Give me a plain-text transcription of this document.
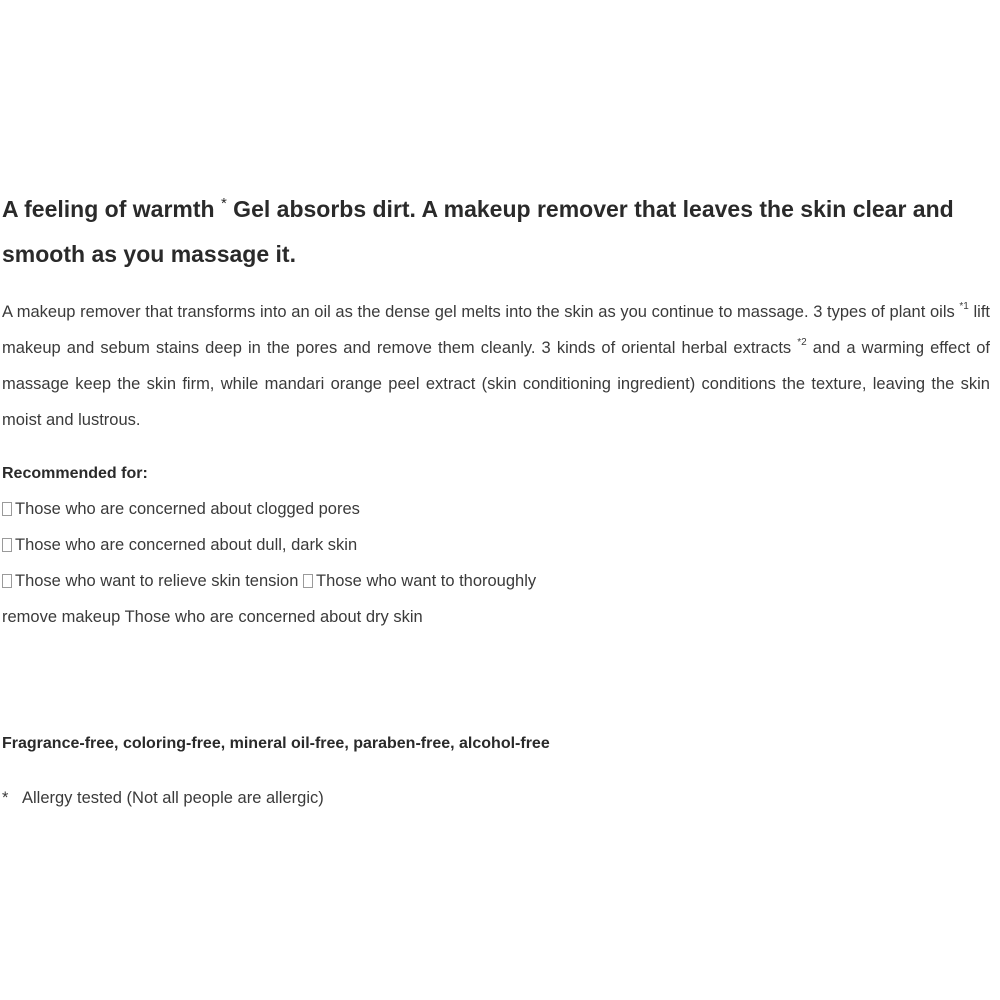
A feeling of warmth * Gel absorbs dirt. A makeup remover that leaves the skin clear and smooth as you massage it.

A makeup remover that transforms into an oil as the dense gel melts into the skin as you continue to massage. 3 types of plant oils $^{*1}$ lift makeup and sebum stains deep in the pores and remove them cleanly. 3 kinds of oriental herbal extracts $^{*2}$ and a warming effect of massage keep the skin firm, while mandari orange peel extract (skin conditioning ingredient) conditions the texture, leaving the skin moist and lustrous.

Recommended for:
Those who are concerned about clogged pores
Those who are concerned about dull, dark skin
Those who want to relieve skin tension Those who want to thoroughly
remove makeup Those who are concerned about dry skin

Fragrance-free, coloring-free, mineral oil-free, paraben-free, alcohol-free

* Allergy tested (Not all people are allergic)
